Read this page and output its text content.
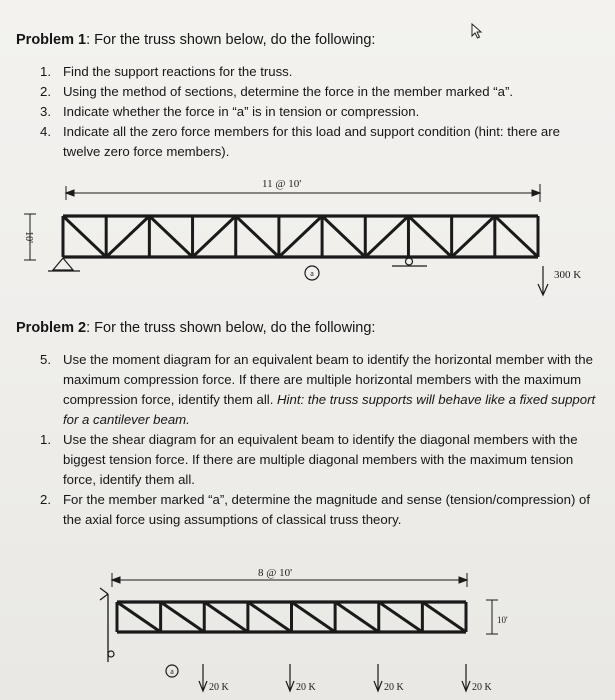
Problem 1: For the truss shown below, do the following:
1. Find the support reactions for the truss.
2. Using the method of sections, determine the force in the member marked “a”.
3. Indicate whether the force in “a” is in tension or compression.
4. Indicate all the zero force members for this load and support condition (hint: there are twelve zero force members).
11 @ 10'
10'
a	300 K
Problem 2: For the truss shown below, do the following:
5. Use the moment diagram for an equivalent beam to identify the horizontal member with the maximum compression force. If there are multiple horizontal members with the maximum compression force, identify them all. Hint: the truss supports will behave like a fixed support for a cantilever beam.
1. Use the shear diagram for an equivalent beam to identify the diagonal members with the biggest tension force. If there are multiple diagonal members with the maximum tension force, identify them all.
2. For the member marked “a”, determine the magnitude and sense (tension/compression) of the axial force using assumptions of classical truss theory.
8 @ 10'
10'
a
20 K	20 K	20 K	20 K
